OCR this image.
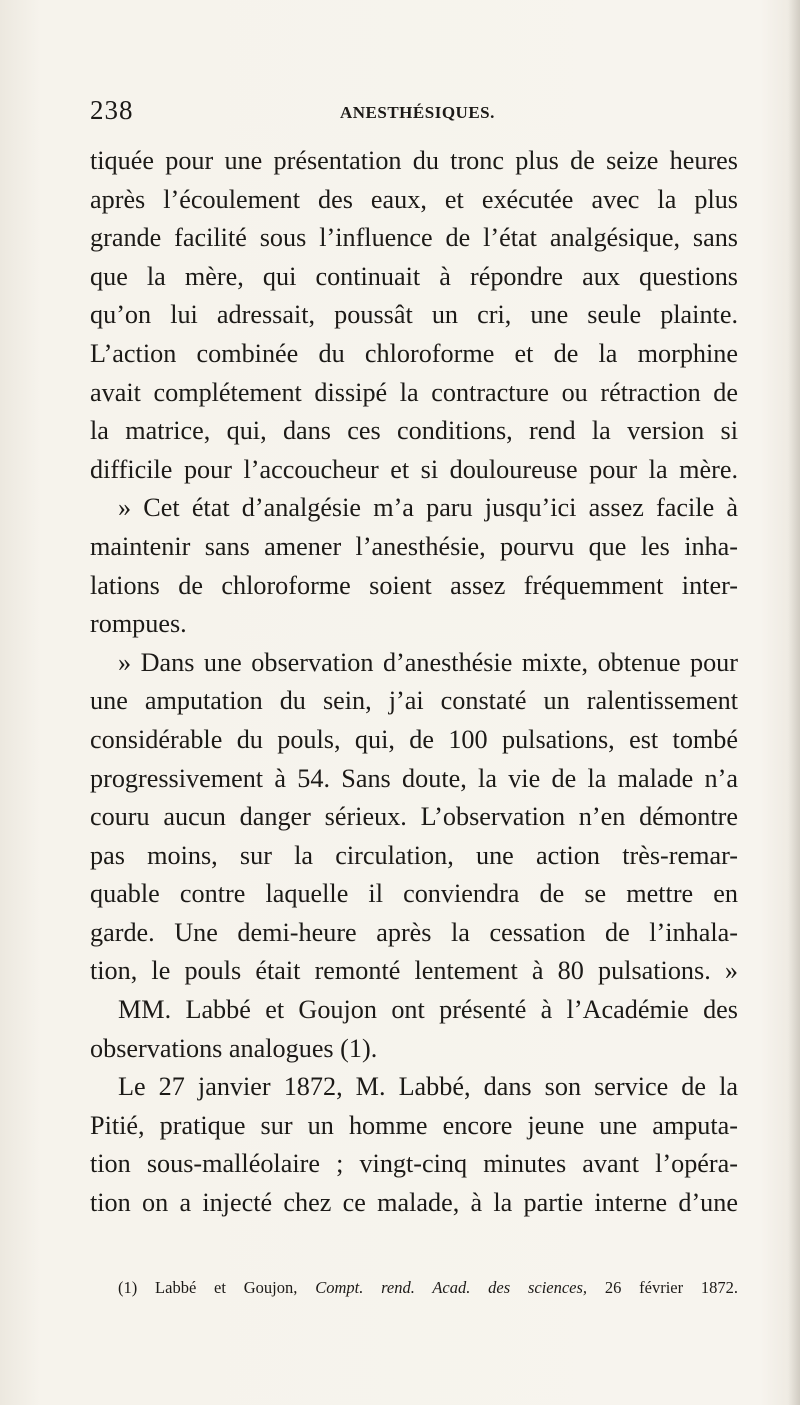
238	ANESTHÉSIQUES.
tiquée pour une présentation du tronc plus de seize heures
après l’écoulement des eaux, et exécutée avec la plus
grande facilité sous l’influence de l’état analgésique, sans
que la mère, qui continuait à répondre aux questions
qu’on lui adressait, poussât un cri, une seule plainte.
L’action combinée du chloroforme et de la morphine
avait complétement dissipé la contracture ou rétraction de
la matrice, qui, dans ces conditions, rend la version si
difficile pour l’accoucheur et si douloureuse pour la mère.
» Cet état d’analgésie m’a paru jusqu’ici assez facile à
maintenir sans amener l’anesthésie, pourvu que les inha-
lations de chloroforme soient assez fréquemment inter-
rompues.
» Dans une observation d’anesthésie mixte, obtenue pour
une amputation du sein, j’ai constaté un ralentissement
considérable du pouls, qui, de 100 pulsations, est tombé
progressivement à 54. Sans doute, la vie de la malade n’a
couru aucun danger sérieux. L’observation n’en démontre
pas moins, sur la circulation, une action très-remar-
quable contre laquelle il conviendra de se mettre en
garde. Une demi-heure après la cessation de l’inhala-
tion, le pouls était remonté lentement à 80 pulsations. »
MM. Labbé et Goujon ont présenté à l’Académie des
observations analogues (1).
Le 27 janvier 1872, M. Labbé, dans son service de la
Pitié, pratique sur un homme encore jeune une amputa-
tion sous-malléolaire ; vingt-cinq minutes avant l’opéra-
tion on a injecté chez ce malade, à la partie interne d’une
(1) Labbé et Goujon, Compt. rend. Acad. des sciences, 26 février 1872.
